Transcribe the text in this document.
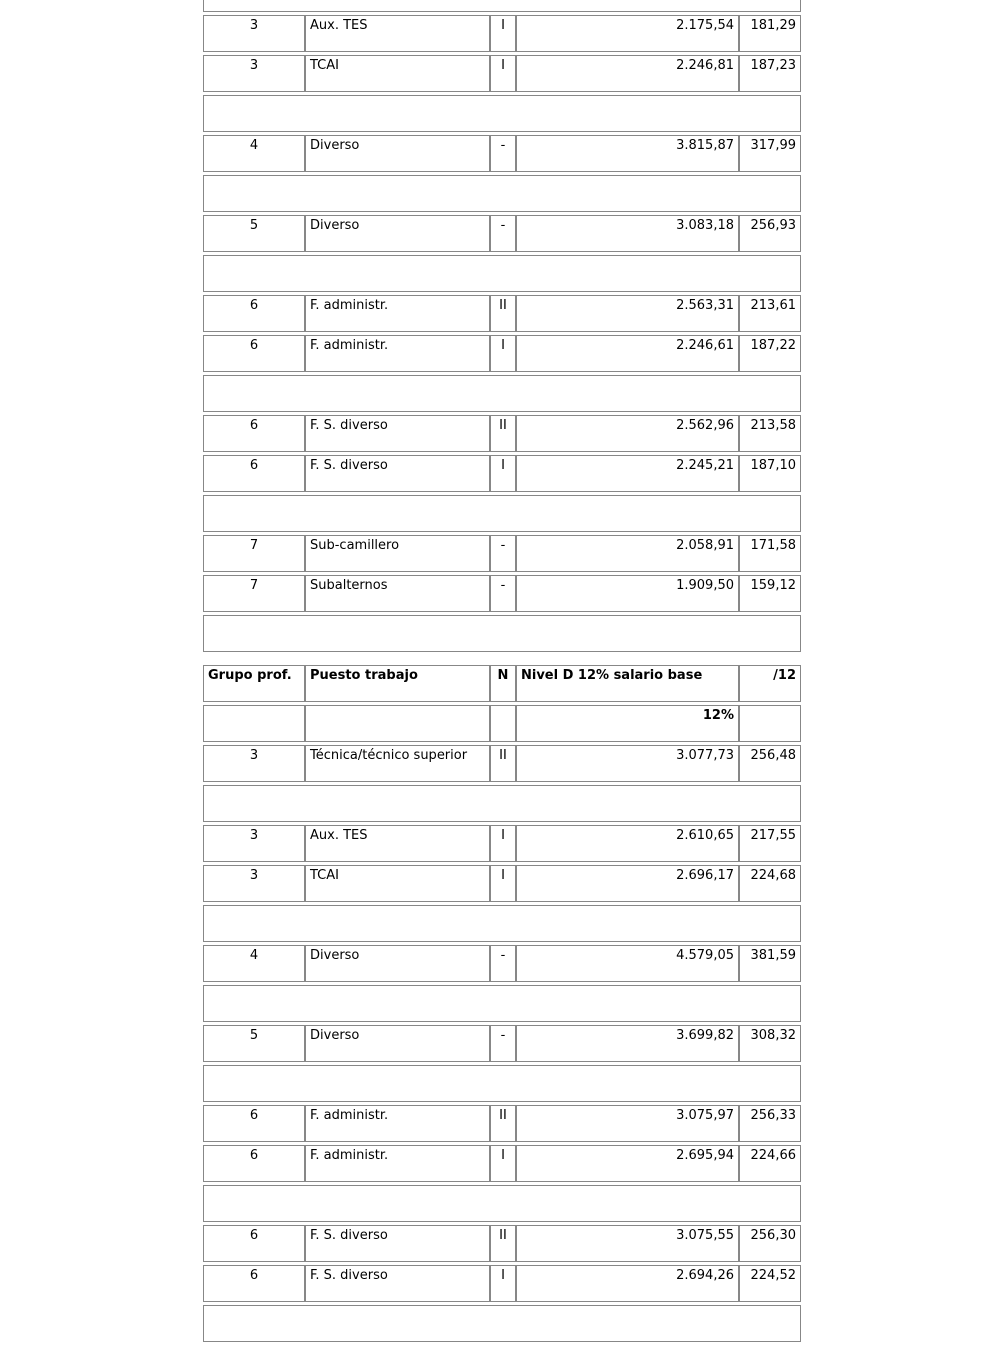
3	Aux. TES	I	2.175,54	181,29
3	TCAI	I	2.246,81	187,23

4	Diverso	-	3.815,87	317,99

5	Diverso	-	3.083,18	256,93

6	F. administr.	II	2.563,31	213,61
6	F. administr.	I	2.246,61	187,22

6	F. S. diverso	II	2.562,96	213,58
6	F. S. diverso	I	2.245,21	187,10

7	Sub-camillero	-	2.058,91	171,58
7	Subalternos	-	1.909,50	159,12

Grupo prof.	Puesto trabajo	N	Nivel D 12% salario base	/12
			12%	
3	Técnica/técnico superior	II	3.077,73	256,48

3	Aux. TES	I	2.610,65	217,55
3	TCAI	I	2.696,17	224,68

4	Diverso	-	4.579,05	381,59

5	Diverso	-	3.699,82	308,32

6	F. administr.	II	3.075,97	256,33
6	F. administr.	I	2.695,94	224,66

6	F. S. diverso	II	3.075,55	256,30
6	F. S. diverso	I	2.694,26	224,52
